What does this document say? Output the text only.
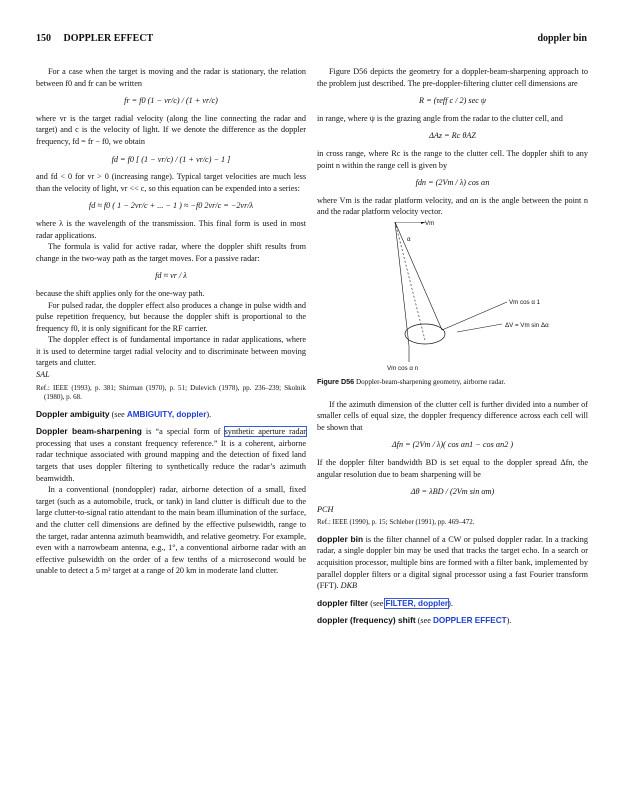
150 DOPPLER EFFECT	doppler bin

For a case when the target is moving and the radar is stationary, the relation between f0 and fr can be written

fr = f0 (1 − vr/c) / (1 + vr/c)

where vr is the target radial velocity (along the line connecting the radar and target) and c is the velocity of light. If we denote the difference as the doppler frequency, fd = fr − f0, we obtain

fd = f0 [ (1 − vr/c) / (1 + vr/c) − 1 ]

and fd < 0 for vr > 0 (increasing range). Typical target velocities are much less than the velocity of light, vr << c, so this equation can be expended into a series:

fd ≈ f0 ( 1 − 2vr/c + ... − 1 ) ≈ −f0 2vr/c = −2vr/λ

where λ is the wavelength of the transmission. This final form is used in most radar applications.

The formula is valid for active radar, where the doppler shift results from change in the two-way path as the target moves. For a passive radar:

fd ≈ vr / λ

because the shift applies only for the one-way path.

For pulsed radar, the doppler effect also produces a change in pulse width and pulse repetition frequency, but because the doppler shift is proportional to the frequency f0, it is only significant for the RF carrier.

The doppler effect is of fundamental importance in radar applications, where it is used to determine target radial velocity and to discriminate between moving targets and clutter.

SAL

Ref.: IEEE (1993), p. 381; Shirman (1970), p. 51; Dulevich (1978), pp. 236–239; Skolnik (1980), p. 68.

Doppler ambiguity (see AMBIGUITY, doppler).

Doppler beam-sharpening is “a special form of synthetic aperture radar processing that uses a constant frequency reference.” It is a coherent, airborne radar technique associated with ground mapping and the detection of fixed land targets that uses doppler filtering to synthetically reduce the radar’s azimuth beamwidth.

In a conventional (nondoppler) radar, airborne detection of a small, fixed target (such as a automobile, truck, or tank) in land clutter is difficult due to the large clutter-to-signal ratio attendant to the main beam illumination of the surface, and the clutter cell dimensions are defined by the effective pulsewidth, range to the target, radar antenna azimuth beamwidth, and relative geometry. For example, even with a narrowbeam antenna, e.g., 1°, a conventional airborne radar with an effective pulsewidth on the order of a few tenths of a microsecond would be unable to detect a 5 m² target at a range of 20 km in moderate land clutter.

Figure D56 depicts the geometry for a doppler-beam-sharpening approach to the problem just described. The pre-doppler-filtering clutter cell dimensions are

R = (τeff c / 2) sec ψ

in range, where ψ is the grazing angle from the radar to the clutter cell, and

ΔAz = Rc θAZ

in cross range, where Rc is the range to the clutter cell. The doppler shift to any point n within the range cell is given by

fdn = (2Vm / λ) cos αn

where Vm is the radar platform velocity, and αn is the angle between the point n and the radar platform velocity vector.

Vm
α
Vm cos α 1
ΔV = Vm sin Δα
Vm cos α n

Figure D56 Doppler-beam-sharpening geometry, airborne radar.

If the azimuth dimension of the clutter cell is further divided into a number of smaller cells of equal size, the doppler frequency difference across each cell will be shown that

Δfn = (2Vm / λ)( cos αn1 − cos αn2 )

If the doppler filter bandwidth BD is set equal to the doppler spread Δfn, the angular resolution due to beam sharpening will be

Δθ = λBD / (2Vm sin αm)

PCH

Ref.: IEEE (1990), p. 15; Schleher (1991), pp. 469–472.

doppler bin is the filter channel of a CW or pulsed doppler radar. In a tracking radar, a single doppler bin may be used that tracks the target echo. In a search or acquisition processor, multiple bins are formed with a filter bank, implemented by parallel doppler filters or a digital signal processor using a fast Fourier transform (FFT). DKB

doppler filter (see FILTER, doppler).

doppler (frequency) shift (see DOPPLER EFFECT).
